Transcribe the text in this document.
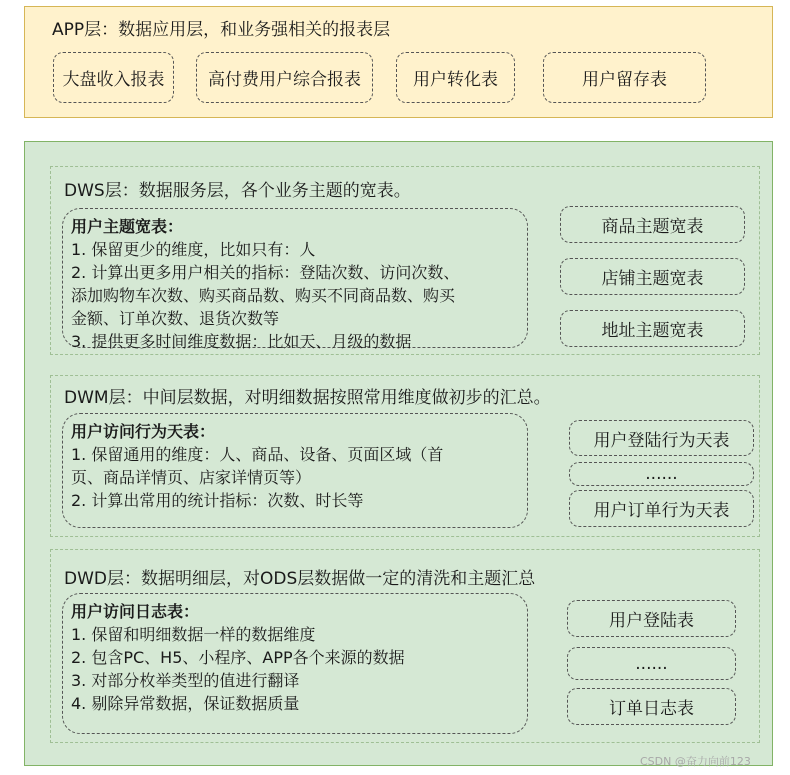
APP层：数据应用层，和业务强相关的报表层
大盘收入报表	高付费用户综合报表	用户转化表	用户留存表
DWS层：数据服务层，各个业务主题的宽表。
用户主题宽表：
1. 保留更少的维度，比如只有：人
2. 计算出更多用户相关的指标：登陆次数、访问次数、
添加购物车次数、购买商品数、购买不同商品数、购买
金额、订单次数、退货次数等
3. 提供更多时间维度数据：比如天、月级的数据
商品主题宽表
店铺主题宽表
地址主题宽表
DWM层：中间层数据，对明细数据按照常用维度做初步的汇总。
用户访问行为天表：
1. 保留通用的维度：人、商品、设备、页面区域（首
页、商品详情页、店家详情页等）
2. 计算出常用的统计指标：次数、时长等
用户登陆行为天表
......
用户订单行为天表
DWD层：数据明细层，对ODS层数据做一定的清洗和主题汇总
用户访问日志表：
1. 保留和明细数据一样的数据维度
2. 包含PC、H5、小程序、APP各个来源的数据
3. 对部分枚举类型的值进行翻译
4. 剔除异常数据，保证数据质量
用户登陆表
......
订单日志表
CSDN @奋力向前123
